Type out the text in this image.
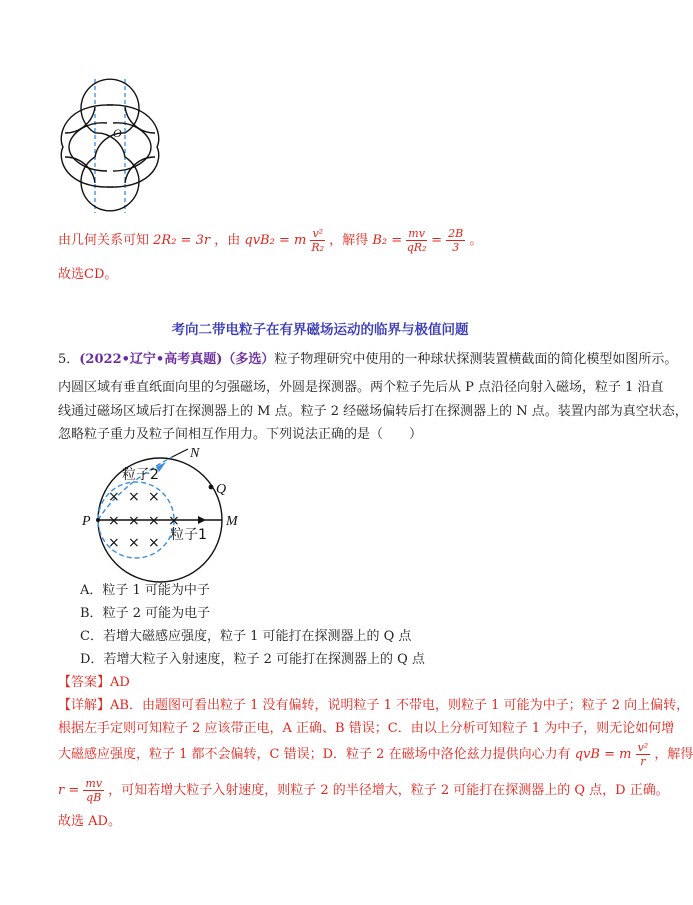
O
由几何关系可知 2R₂ = 3r ，由 qvB₂ = m $\frac{\text{v²}}{\text{R₂}}$ ，解得 $B_2 = \frac{mv}{\text{qR₂}} = \frac{2B}{3}$ 。
故选CD。
考向二带电粒子在有界磁场运动的临界与极值问题
5．(2022•辽宁•高考真题)（多选）粒子物理研究中使用的一种球状探测装置横截面的简化模型如图所示。
内圆区域有垂直纸面向里的匀强磁场，外圆是探测器。两个粒子先后从 P 点沿径向射入磁场，粒子 1 沿直
线通过磁场区域后打在探测器上的 M 点。粒子 2 经磁场偏转后打在探测器上的 N 点。装置内部为真空状态，
忽略粒子重力及粒子间相互作用力。下列说法正确的是（　　）
× × ×
× × × ×
× × ×
N
Q
P	M
粒子2
粒子1
A．粒子 1 可能为中子
B．粒子 2 可能为电子
C．若增大磁感应强度，粒子 1 可能打在探测器上的 Q 点
D．若增大粒子入射速度，粒子 2 可能打在探测器上的 Q 点
【答案】AD
【详解】AB．由题图可看出粒子 1 没有偏转，说明粒子 1 不带电，则粒子 1 可能为中子；粒子 2 向上偏转，
根据左手定则可知粒子 2 应该带正电，A 正确、B 错误；C．由以上分析可知粒子 1 为中子，则无论如何增
大磁感应强度，粒子 1 都不会偏转，C 错误；D．粒子 2 在磁场中洛伦兹力提供向心力有 qvB = m $\frac{\text{v²}}{r}$ ，解得
$r = \frac{mv}{qB}$ ，可知若增大粒子入射速度，则粒子 2 的半径增大，粒子 2 可能打在探测器上的 Q 点，D 正确。
故选 AD。
